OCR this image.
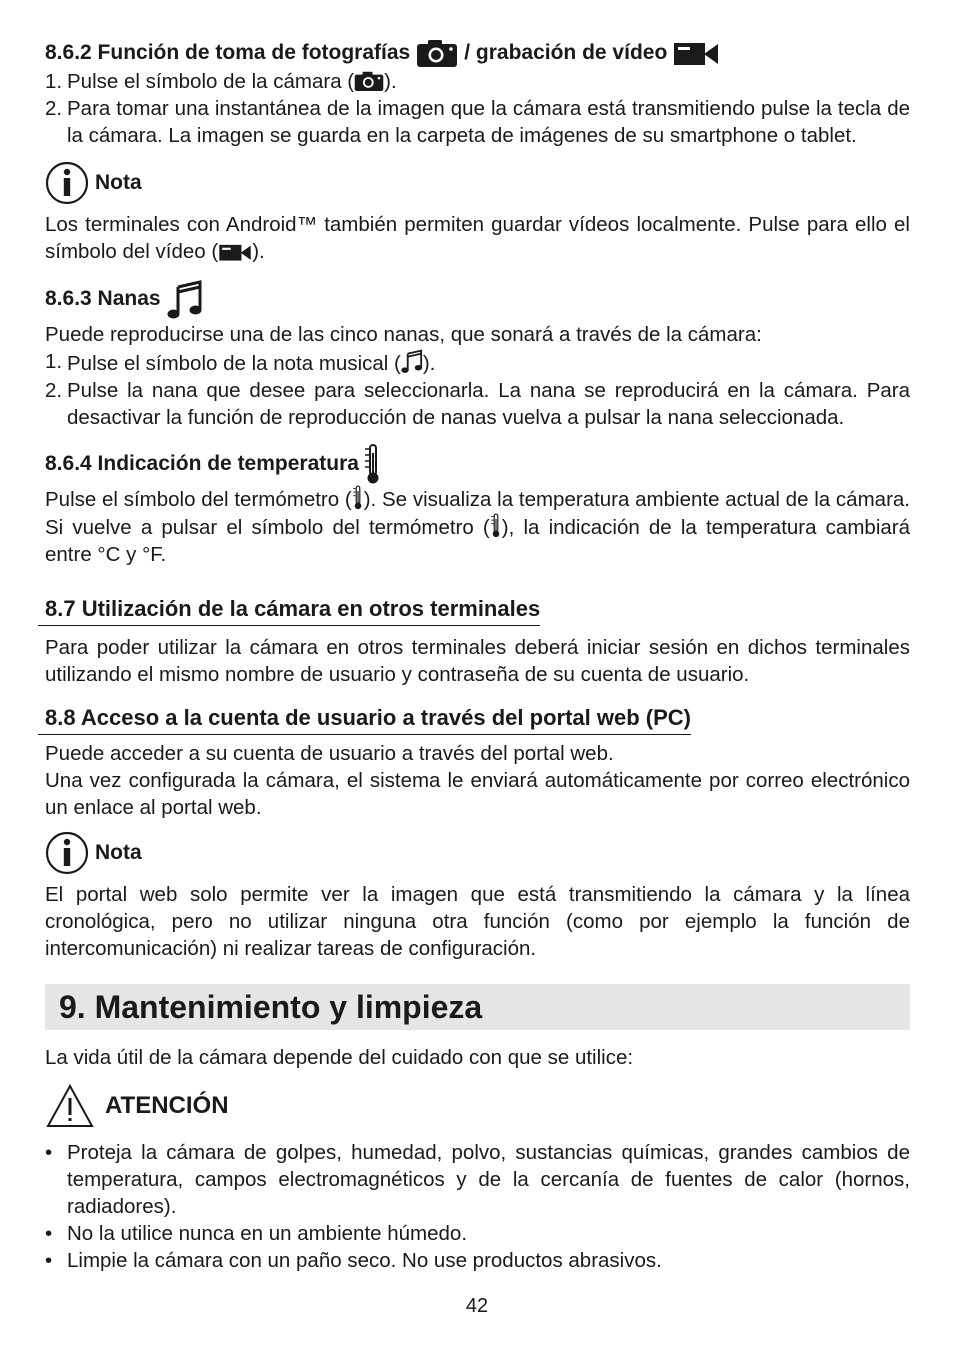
8.6.2 Función de toma de fotografías	/ grabación de vídeo
1. Pulse el símbolo de la cámara ( ).
2. Para tomar una instantánea de la imagen que la cámara está transmitiendo pulse la tecla de la cámara. La imagen se guarda en la carpeta de imágenes de su smartphone o tablet.
Nota

Los terminales con Android™ también permiten guardar vídeos localmente. Pulse para ello el símbolo del vídeo ( ).

8.6.3 Nanas

Puede reproducirse una de las cinco nanas, que sonará a través de la cámara:

1. Pulse el símbolo de la nota musical ( ).
2. Pulse la nana que desee para seleccionarla. La nana se reproducirá en la cámara. Para desactivar la función de reproducción de nanas vuelva a pulsar la nana seleccionada.
8.6.4 Indicación de temperatura

Pulse el símbolo del termómetro ( ). Se visualiza la temperatura ambiente actual de la cámara. Si vuelve a pulsar el símbolo del termómetro ( ), la indicación de la temperatura cambiará entre °C y °F.

8.7 Utilización de la cámara en otros terminales

Para poder utilizar la cámara en otros terminales deberá iniciar sesión en dichos terminales utilizando el mismo nombre de usuario y contraseña de su cuenta de usuario.

8.8 Acceso a la cuenta de usuario a través del portal web (PC)

Puede acceder a su cuenta de usuario a través del portal web.

Una vez configurada la cámara, el sistema le enviará automáticamente por correo electrónico un enlace al portal web.

Nota

El portal web solo permite ver la imagen que está transmitiendo la cámara y la línea cronológica, pero no utilizar ninguna otra función (como por ejemplo la función de intercomunicación) ni realizar tareas de configuración.

9. Mantenimiento y limpieza

La vida útil de la cámara depende del cuidado con que se utilice:

ATENCIÓN
• Proteja la cámara de golpes, humedad, polvo, sustancias químicas, grandes cambios de temperatura, campos electromagnéticos y de la cercanía de fuentes de calor (hornos, radiadores).
• No la utilice nunca en un ambiente húmedo.
• Limpie la cámara con un paño seco. No use productos abrasivos.
42
